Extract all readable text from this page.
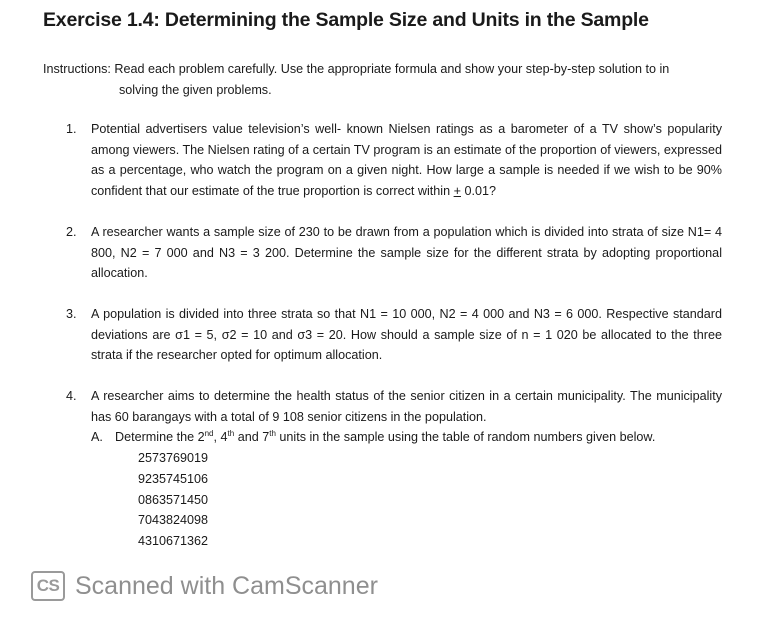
Exercise 1.4: Determining the Sample Size and Units in the Sample
Instructions: Read each problem carefully. Use the appropriate formula and show your step-by-step solution to in
solving the given problems.
1.	Potential advertisers value television’s well- known Nielsen ratings as a barometer of a TV show’s popularity among viewers. The Nielsen rating of a certain TV program is an estimate of the proportion of viewers, expressed as a percentage, who watch the program on a given night. How large a sample is needed if we wish to be 90% confident that our estimate of the true proportion is correct within + 0.01?
2.	A researcher wants a sample size of 230 to be drawn from a population which is divided into strata of size N1= 4 800, N2 = 7 000 and N3 = 3 200. Determine the sample size for the different strata by adopting proportional allocation.
3.	A population is divided into three strata so that N1 = 10 000, N2 = 4 000 and N3 = 6 000. Respective standard deviations are σ1 = 5, σ2 = 10 and σ3 = 20. How should a sample size of n = 1 020 be allocated to the three strata if the researcher opted for optimum allocation.
4.	A researcher aims to determine the health status of the senior citizen in a certain municipality. The municipality has 60 barangays with a total of 9 108 senior citizens in the population.
A. Determine the 2nd, 4th and 7th units in the sample using the table of random numbers given below.
2573769019
9235745106
0863571450
7043824098
4310671362
CS Scanned with CamScanner
